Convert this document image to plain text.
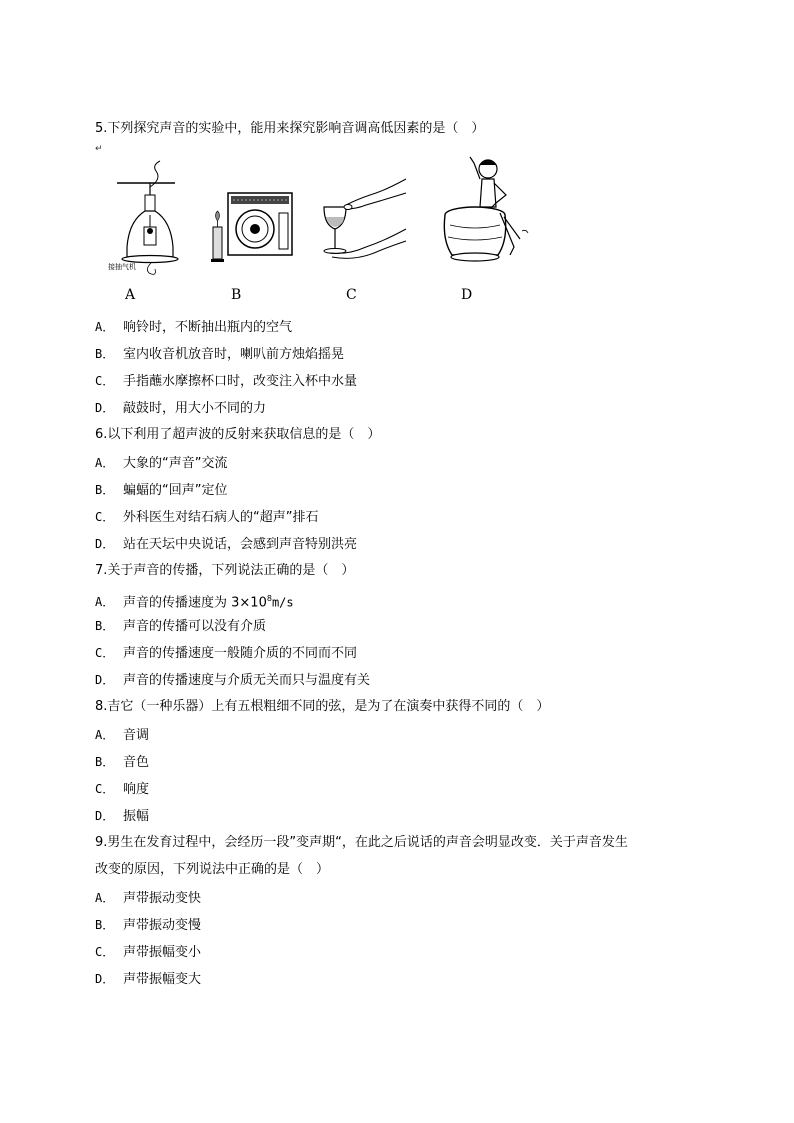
5.下列探究声音的实验中，能用来探究影响音调高低因素的是（　）
↵
接抽气机
A	B	C	D
A． 响铃时，不断抽出瓶内的空气
B． 室内收音机放音时，喇叭前方烛焰摇晃
C． 手指蘸水摩擦杯口时，改变注入杯中水量
D． 敲鼓时，用大小不同的力
6.以下利用了超声波的反射来获取信息的是（　）
A． 大象的“声音”交流
B． 蝙蝠的“回声”定位
C． 外科医生对结石病人的“超声”排石
D． 站在天坛中央说话，会感到声音特别洪亮
7.关于声音的传播，下列说法正确的是（　）
A． 声音的传播速度为 $3\times 10^8m/s$
B． 声音的传播可以没有介质
C． 声音的传播速度一般随介质的不同而不同
D． 声音的传播速度与介质无关而只与温度有关
8.吉它（一种乐器）上有五根粗细不同的弦，是为了在演奏中获得不同的（　）
A． 音调
B． 音色
C． 响度
D． 振幅
9.男生在发育过程中，会经历一段”变声期“，在此之后说话的声音会明显改变．关于声音发生
改变的原因，下列说法中正确的是（　）
A． 声带振动变快
B． 声带振动变慢
C． 声带振幅变小
D． 声带振幅变大
